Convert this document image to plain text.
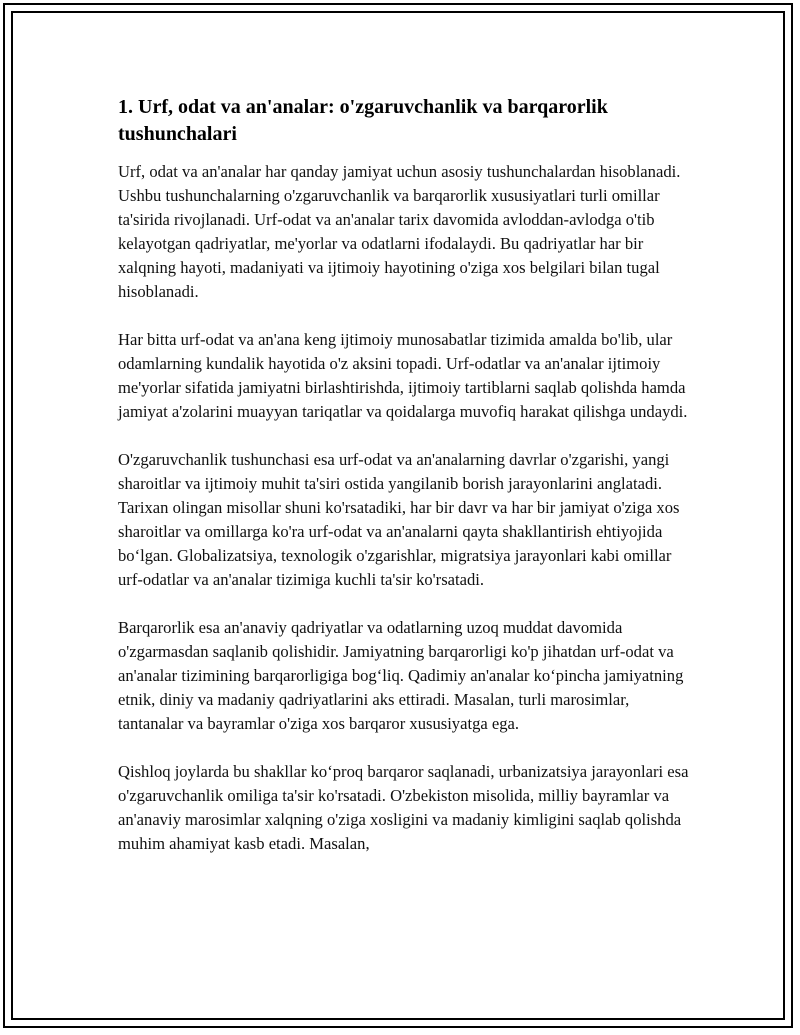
1. Urf, odat va an'analar: o'zgaruvchanlik va barqarorlik tushunchalari

Urf, odat va an'analar har qanday jamiyat uchun asosiy tushunchalardan hisoblanadi. Ushbu tushunchalarning o'zgaruvchanlik va barqarorlik xususiyatlari turli omillar ta'sirida rivojlanadi. Urf-odat va an'analar tarix davomida avloddan-avlodga o'tib kelayotgan qadriyatlar, me'yorlar va odatlarni ifodalaydi. Bu qadriyatlar har bir xalqning hayoti, madaniyati va ijtimoiy hayotining o'ziga xos belgilari bilan tugal hisoblanadi.

Har bitta urf-odat va an'ana keng ijtimoiy munosabatlar tizimida amalda bo'lib, ular odamlarning kundalik hayotida o'z aksini topadi. Urf-odatlar va an'analar ijtimoiy me'yorlar sifatida jamiyatni birlashtirishda, ijtimoiy tartiblarni saqlab qolishda hamda jamiyat a'zolarini muayyan tariqatlar va qoidalarga muvofiq harakat qilishga undaydi.

O'zgaruvchanlik tushunchasi esa urf-odat va an'analarning davrlar o'zgarishi, yangi sharoitlar va ijtimoiy muhit ta'siri ostida yangilanib borish jarayonlarini anglatadi. Tarixan olingan misollar shuni ko'rsatadiki, har bir davr va har bir jamiyat o'ziga xos sharoitlar va omillarga ko'ra urf-odat va an'analarni qayta shakllantirish ehtiyojida bo‘lgan. Globalizatsiya, texnologik o'zgarishlar, migratsiya jarayonlari kabi omillar urf-odatlar va an'analar tizimiga kuchli ta'sir ko'rsatadi.

Barqarorlik esa an'anaviy qadriyatlar va odatlarning uzoq muddat davomida o'zgarmasdan saqlanib qolishidir. Jamiyatning barqarorligi ko'p jihatdan urf-odat va an'analar tizimining barqarorligiga bog‘liq. Qadimiy an'analar ko‘pincha jamiyatning etnik, diniy va madaniy qadriyatlarini aks ettiradi. Masalan, turli marosimlar, tantanalar va bayramlar o'ziga xos barqaror xususiyatga ega.

Qishloq joylarda bu shakllar ko‘proq barqaror saqlanadi, urbanizatsiya jarayonlari esa o'zgaruvchanlik omiliga ta'sir ko'rsatadi. O'zbekiston misolida, milliy bayramlar va an'anaviy marosimlar xalqning o'ziga xosligini va madaniy kimligini saqlab qolishda muhim ahamiyat kasb etadi. Masalan,
